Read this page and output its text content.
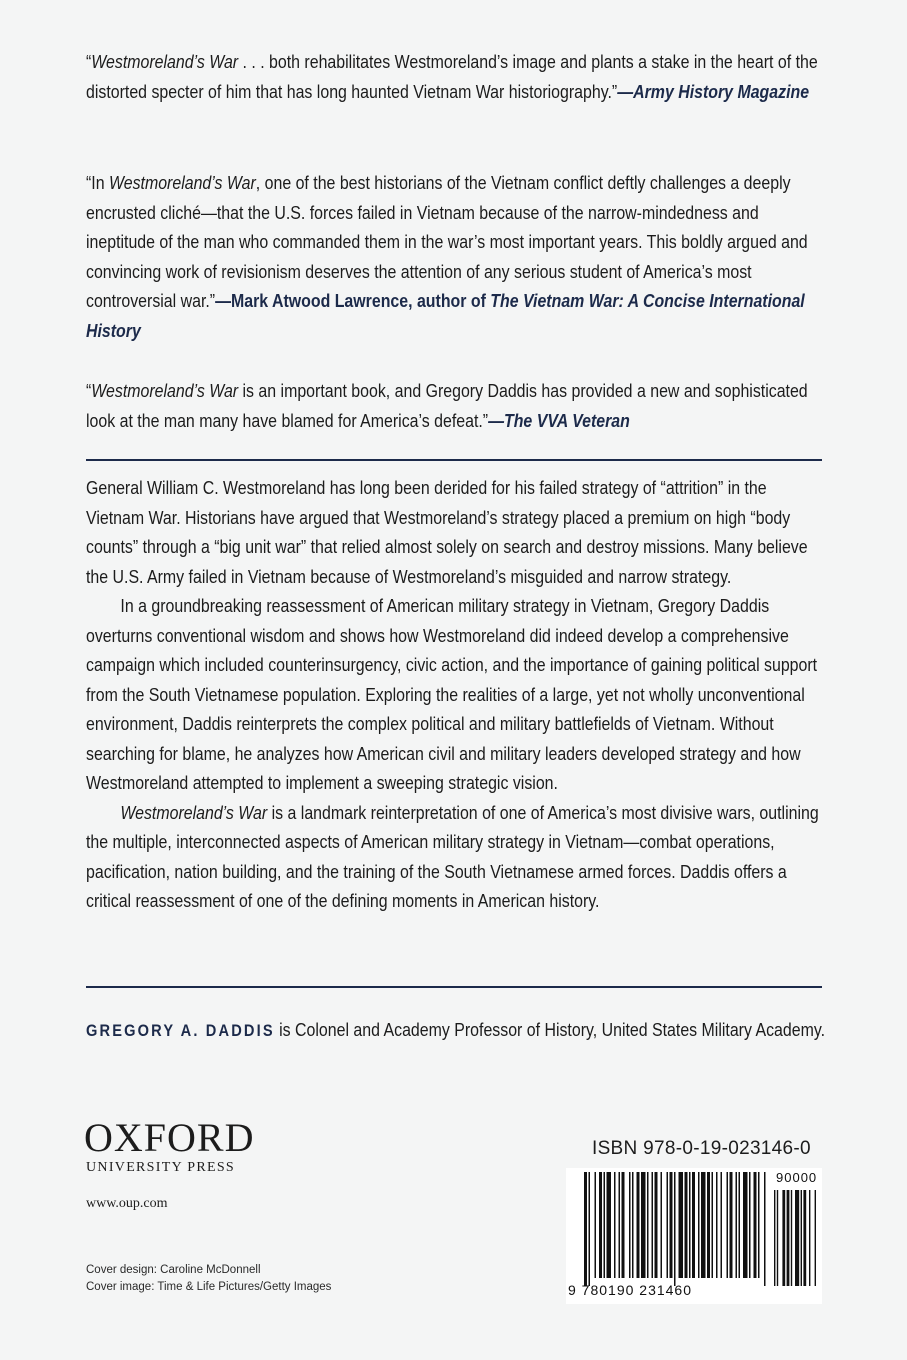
“Westmoreland’s War . . . both rehabilitates Westmoreland’s image and plants a stake in the heart of the distorted specter of him that has long haunted Vietnam War historiography.”—Army History Magazine
“In Westmoreland’s War, one of the best historians of the Vietnam conflict deftly challenges a deeply encrusted cliché—that the U.S. forces failed in Vietnam because of the narrow-mindedness and ineptitude of the man who commanded them in the war’s most important years. This boldly argued and convincing work of revisionism deserves the attention of any serious student of America’s most controversial war.”—Mark Atwood Lawrence, author of The Vietnam War: A Concise International History
“Westmoreland’s War is an important book, and Gregory Daddis has provided a new and sophisticated look at the man many have blamed for America’s defeat.”—The VVA Veteran

General William C. Westmoreland has long been derided for his failed strategy of “attrition” in the Vietnam War. Historians have argued that Westmoreland’s strategy placed a premium on high “body counts” through a “big unit war” that relied almost solely on search and destroy missions. Many believe the U.S. Army failed in Vietnam because of Westmoreland’s misguided and narrow strategy.

In a groundbreaking reassessment of American military strategy in Vietnam, Gregory Daddis overturns conventional wisdom and shows how Westmoreland did indeed develop a comprehensive campaign which included counterinsurgency, civic action, and the importance of gaining political support from the South Vietnamese population. Exploring the realities of a large, yet not wholly unconventional environment, Daddis reinterprets the complex political and military battlefields of Vietnam. Without searching for blame, he analyzes how American civil and military leaders developed strategy and how Westmoreland attempted to implement a sweeping strategic vision.

Westmoreland’s War is a landmark reinterpretation of one of America’s most divisive wars, outlining the multiple, interconnected aspects of American military strategy in Vietnam—combat operations, pacification, nation building, and the training of the South Vietnamese armed forces. Daddis offers a critical reassessment of one of the defining moments in American history.

GREGORY A. DADDIS is Colonel and Academy Professor of History, United States Military Academy.
OXFORD
UNIVERSITY PRESS
www.oup.com
Cover design: Caroline McDonnell
Cover image: Time & Life Pictures/Getty Images
ISBN 978-0-19-023146-0
9 780190 231460
90000
